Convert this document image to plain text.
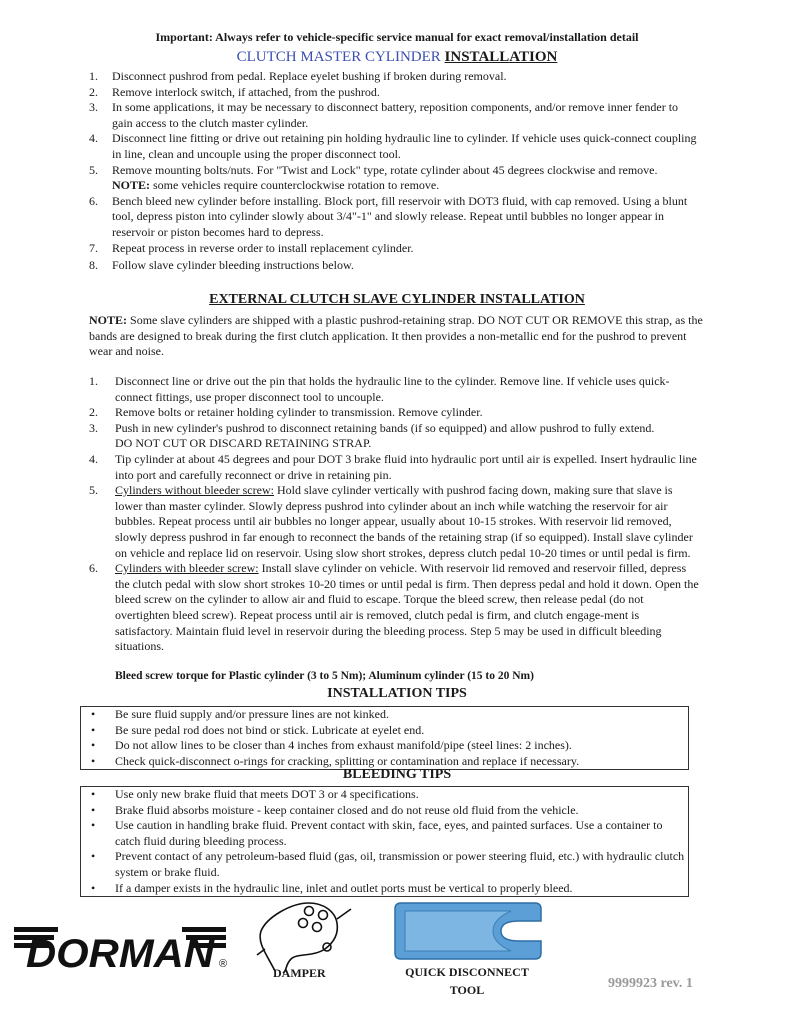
Important: Always refer to vehicle-specific service manual for exact removal/installation detail
CLUTCH MASTER CYLINDER INSTALLATION
1. Disconnect pushrod from pedal. Replace eyelet bushing if broken during removal.
2. Remove interlock switch, if attached, from the pushrod.
3. In some applications, it may be necessary to disconnect battery, reposition components, and/or remove inner fender to gain access to the clutch master cylinder.
4. Disconnect line fitting or drive out retaining pin holding hydraulic line to cylinder. If vehicle uses quick-connect coupling in line, clean and uncouple using the proper disconnect tool.
5. Remove mounting bolts/nuts. For "Twist and Lock" type, rotate cylinder about 45 degrees clockwise and remove.
NOTE: some vehicles require counterclockwise rotation to remove.
6. Bench bleed new cylinder before installing. Block port, fill reservoir with DOT3 fluid, with cap removed. Using a blunt tool, depress piston into cylinder slowly about 3/4"-1" and slowly release. Repeat until bubbles no longer appear in reservoir or piston becomes hard to depress.
7. Repeat process in reverse order to install replacement cylinder.
8. Follow slave cylinder bleeding instructions below.
EXTERNAL CLUTCH SLAVE CYLINDER INSTALLATION
NOTE: Some slave cylinders are shipped with a plastic pushrod-retaining strap. DO NOT CUT OR REMOVE this strap, as the bands are designed to break during the first clutch application. It then provides a non-metallic end for the pushrod to prevent wear and noise.
1. Disconnect line or drive out the pin that holds the hydraulic line to the cylinder. Remove line. If vehicle uses quick-connect fittings, use proper disconnect tool to uncouple.
2. Remove bolts or retainer holding cylinder to transmission. Remove cylinder.
3. Push in new cylinder's pushrod to disconnect retaining bands (if so equipped) and allow pushrod to fully extend.
DO NOT CUT OR DISCARD RETAINING STRAP.
4. Tip cylinder at about 45 degrees and pour DOT 3 brake fluid into hydraulic port until air is expelled. Insert hydraulic line into port and carefully reconnect or drive in retaining pin.
5. Cylinders without bleeder screw: Hold slave cylinder vertically with pushrod facing down, making sure that slave is lower than master cylinder. Slowly depress pushrod into cylinder about an inch while watching the reservoir for air bubbles. Repeat process until air bubbles no longer appear, usually about 10-15 strokes. With reservoir lid removed, slowly depress pushrod in far enough to reconnect the bands of the retaining strap (if so equipped). Install slave cylinder on vehicle and replace lid on reservoir. Using slow short strokes, depress clutch pedal 10-20 times or until pedal is firm.
6. Cylinders with bleeder screw: Install slave cylinder on vehicle. With reservoir lid removed and reservoir filled, depress the clutch pedal with slow short strokes 10-20 times or until pedal is firm. Then depress pedal and hold it down. Open the bleed screw on the cylinder to allow air and fluid to escape. Torque the bleed screw, then release pedal (do not overtighten bleed screw). Repeat process until air is removed, clutch pedal is firm, and clutch engage-ment is satisfactory. Maintain fluid level in reservoir during the bleeding process. Step 5 may be used in difficult bleeding situations.
Bleed screw torque for Plastic cylinder (3 to 5 Nm); Aluminum cylinder (15 to 20 Nm)
INSTALLATION TIPS
• Be sure fluid supply and/or pressure lines are not kinked.
• Be sure pedal rod does not bind or stick. Lubricate at eyelet end.
• Do not allow lines to be closer than 4 inches from exhaust manifold/pipe (steel lines: 2 inches).
• Check quick-disconnect o-rings for cracking, splitting or contamination and replace if necessary.
BLEEDING TIPS
• Use only new brake fluid that meets DOT 3 or 4 specifications.
• Brake fluid absorbs moisture - keep container closed and do not reuse old fluid from the vehicle.
• Use caution in handling brake fluid. Prevent contact with skin, face, eyes, and painted surfaces. Use a container to catch fluid during bleeding process.
• Prevent contact of any petroleum-based fluid (gas, oil, transmission or power steering fluid, etc.) with hydraulic clutch system or brake fluid.
• If a damper exists in the hydraulic line, inlet and outlet ports must be vertical to properly bleed.
DORMAN ®
DAMPER	QUICK DISCONNECT
TOOL	9999923 rev. 1
